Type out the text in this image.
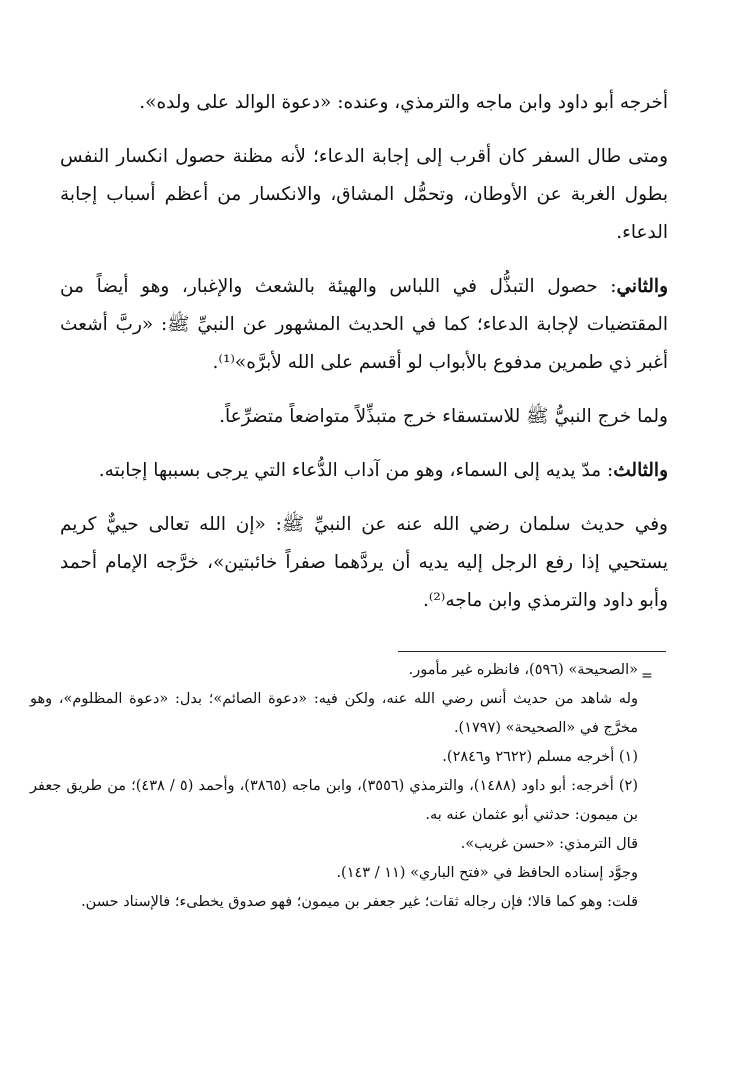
أخرجه أبو داود وابن ماجه والترمذي، وعنده: «دعوة الوالد على ولده».

ومتى طال السفر كان أقرب إلى إجابة الدعاء؛ لأنه مظنة حصول انكسار النفس بطول الغربة عن الأوطان، وتحمُّل المشاق، والانكسار من أعظم أسباب إجابة الدعاء.

والثاني: حصول التبذُّل في اللباس والهيئة بالشعث والإغبار، وهو أيضاً من المقتضيات لإجابة الدعاء؛ كما في الحديث المشهور عن النبيِّ ﷺ: «ربَّ أشعث أغبر ذي طمرين مدفوع بالأبواب لو أقسم على الله لأبرَّه»⁽¹⁾.

ولما خرج النبيُّ ﷺ للاستسقاء خرج متبذِّلاً متواضعاً متضرِّعاً.

والثالث: مدّ يديه إلى السماء، وهو من آداب الدُّعاء التي يرجى بسببها إجابته.

وفي حديث سلمان رضي الله عنه عن النبيِّ ﷺ: «إن الله تعالى حييٌّ كريم يستحيي إذا رفع الرجل إليه يديه أن يردَّهما صفراً خائبتين»، خرَّجه الإمام أحمد وأبو داود والترمذي وابن ماجه⁽²⁾.

=

«الصحيحة» (٥٩٦)، فانظره غير مأمور.

وله شاهد من حديث أنس رضي الله عنه، ولكن فيه: «دعوة الصائم»؛ بدل: «دعوة المظلوم»، وهو مخرَّج في «الصحيحة» (١٧٩٧).

(١) أخرجه مسلم (٢٦٢٢ و٢٨٤٦).

(٢) أخرجه: أبو داود (١٤٨٨)، والترمذي (٣٥٥٦)، وابن ماجه (٣٨٦٥)، وأحمد (٥ / ٤٣٨)؛ من طريق جعفر بن ميمون: حدثني أبو عثمان عنه به.

قال الترمذي: «حسن غريب».

وجوَّد إسناده الحافظ في «فتح الباري» (١١ / ١٤٣).

قلت: وهو كما قالا؛ فإن رجاله ثقات؛ غير جعفر بن ميمون؛ فهو صدوق يخطىء؛ فالإسناد حسن.
